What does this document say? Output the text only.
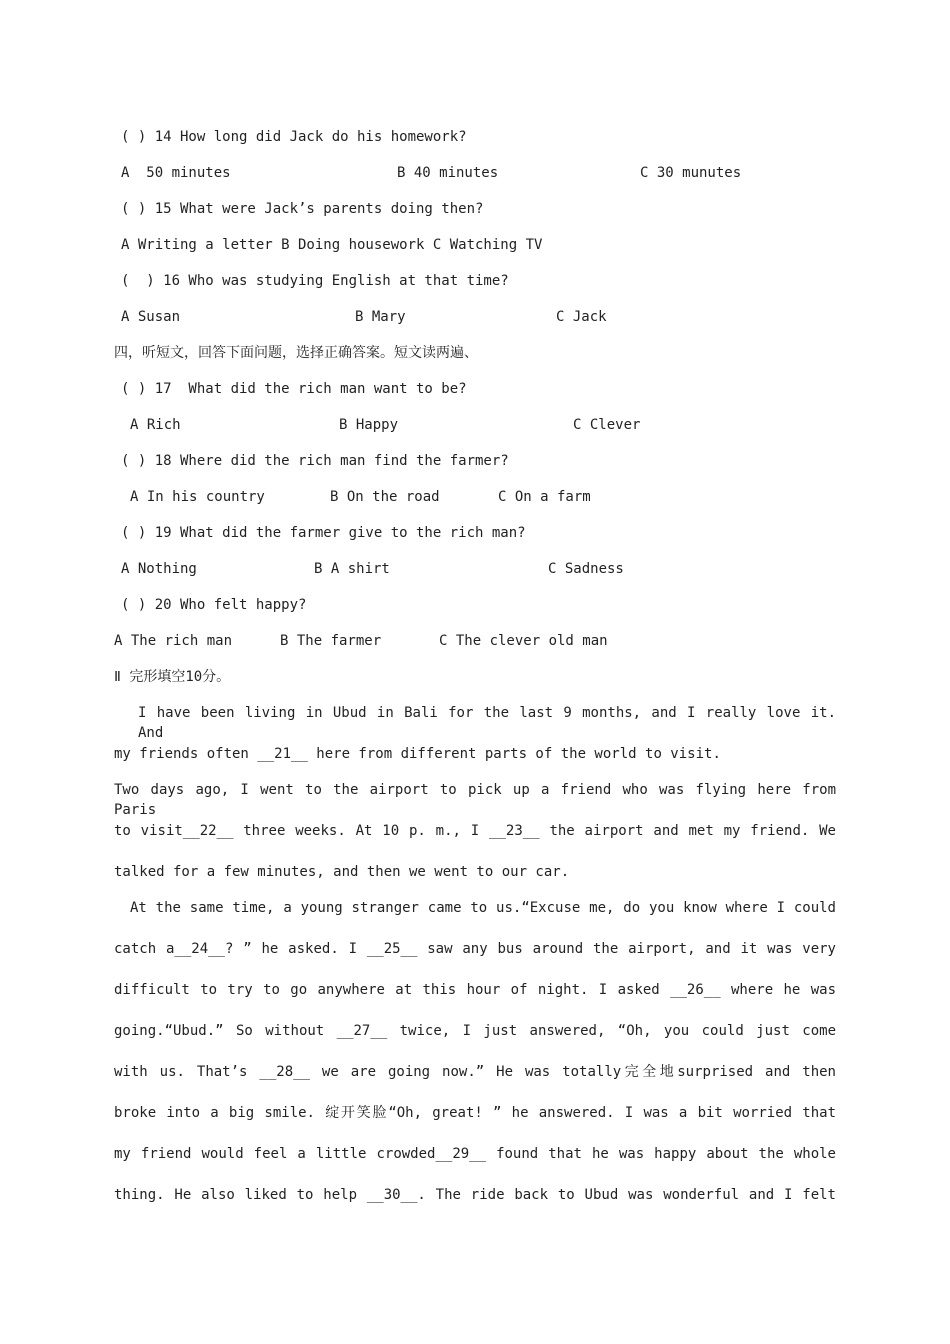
( ) 14 How long did Jack do his homework?
A  50 minutes	B 40 minutes	C 30 munutes
( ) 15 What were Jack’s parents doing then?
A Writing a letter B Doing housework C Watching TV
(  ) 16 Who was studying English at that time?
A Susan	B Mary	C Jack
四，听短文，回答下面问题，选择正确答案。短文读两遍、
( ) 17  What did the rich man want to be?
A Rich	B Happy	C Clever
( ) 18 Where did the rich man find the farmer?
A In his country	B On the road	C On a farm
( ) 19 What did the farmer give to the rich man?
A Nothing	B A shirt	C Sadness
( ) 20 Who felt happy?
A The rich man	B The farmer	C The clever old man
Ⅱ 完形填空10分。
I have been living in Ubud in Bali for the last 9 months, and I really love it. And
my friends often __21__ here from different parts of the world to visit.
Two days ago, I went to the airport to pick up a friend who was flying here from Paris
to visit__22__ three weeks. At 10 p. m., I __23__ the airport and met my friend. We
talked for a few minutes, and then we went to our car.
At the same time, a young stranger came to us.“Excuse me, do you know where I could
catch a__24__? ” he asked. I __25__ saw any bus around the airport, and it was very
difficult to try to go anywhere at this hour of night. I asked __26__ where he was
going.“Ubud.” So without __27__ twice, I just answered, “Oh, you could just come
with us. That’s __28__ we are going now.” He was totally完全地surprised and then
broke into a big smile. 绽开笑脸“Oh, great! ” he answered. I was a bit worried that
my friend would feel a little crowded__29__ found that he was happy about the whole
thing. He also liked to help __30__. The ride back to Ubud was wonderful and I felt
